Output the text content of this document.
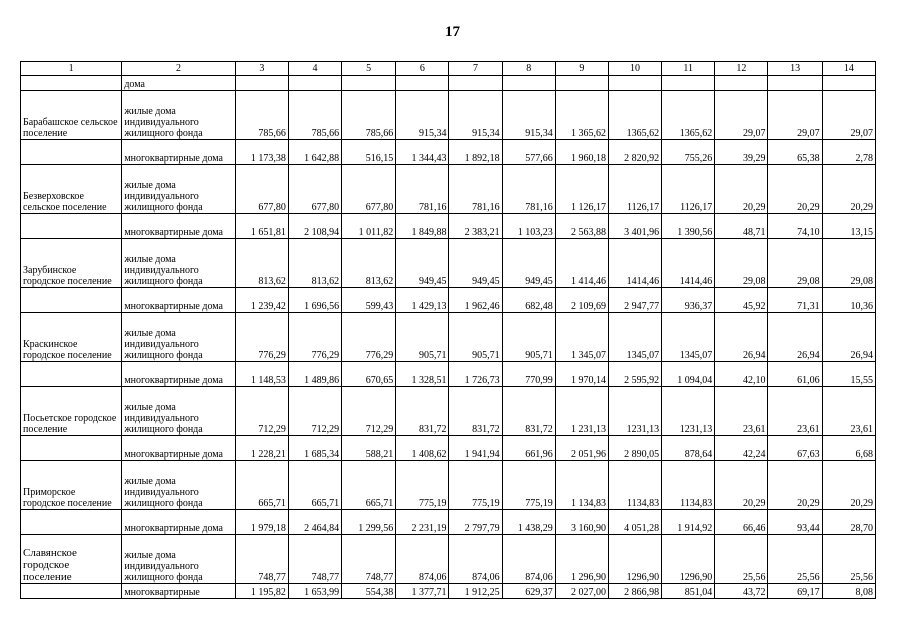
17
1	2	3	4	5	6	7	8	9	10	11	12	13	14
	дома												
Барабашское сельское поселение	жилые дома индивидуального жилищного фонда	785,66	785,66	785,66	915,34	915,34	915,34	1 365,62	1365,62	1365,62	29,07	29,07	29,07
	многоквартирные дома	1 173,38	1 642,88	516,15	1 344,43	1 892,18	577,66	1 960,18	2 820,92	755,26	39,29	65,38	2,78
Безверховское сельское поселение	жилые дома индивидуального жилищного фонда	677,80	677,80	677,80	781,16	781,16	781,16	1 126,17	1126,17	1126,17	20,29	20,29	20,29
	многоквартирные дома	1 651,81	2 108,94	1 011,82	1 849,88	2 383,21	1 103,23	2 563,88	3 401,96	1 390,56	48,71	74,10	13,15
Зарубинское городское поселение	жилые дома индивидуального жилищного фонда	813,62	813,62	813,62	949,45	949,45	949,45	1 414,46	1414,46	1414,46	29,08	29,08	29,08
	многоквартирные дома	1 239,42	1 696,56	599,43	1 429,13	1 962,46	682,48	2 109,69	2 947,77	936,37	45,92	71,31	10,36
Краскинское городское поселение	жилые дома индивидуального жилищного фонда	776,29	776,29	776,29	905,71	905,71	905,71	1 345,07	1345,07	1345,07	26,94	26,94	26,94
	многоквартирные дома	1 148,53	1 489,86	670,65	1 328,51	1 726,73	770,99	1 970,14	2 595,92	1 094,04	42,10	61,06	15,55
Посьетское городское поселение	жилые дома индивидуального жилищного фонда	712,29	712,29	712,29	831,72	831,72	831,72	1 231,13	1231,13	1231,13	23,61	23,61	23,61
	многоквартирные дома	1 228,21	1 685,34	588,21	1 408,62	1 941,94	661,96	2 051,96	2 890,05	878,64	42,24	67,63	6,68
Приморское городское поселение	жилые дома индивидуального жилищного фонда	665,71	665,71	665,71	775,19	775,19	775,19	1 134,83	1134,83	1134,83	20,29	20,29	20,29
	многоквартирные дома	1 979,18	2 464,84	1 299,56	2 231,19	2 797,79	1 438,29	3 160,90	4 051,28	1 914,92	66,46	93,44	28,70
Славянское городское поселение	жилые дома индивидуального жилищного фонда	748,77	748,77	748,77	874,06	874,06	874,06	1 296,90	1296,90	1296,90	25,56	25,56	25,56
	многоквартирные	1 195,82	1 653,99	554,38	1 377,71	1 912,25	629,37	2 027,00	2 866,98	851,04	43,72	69,17	8,08
